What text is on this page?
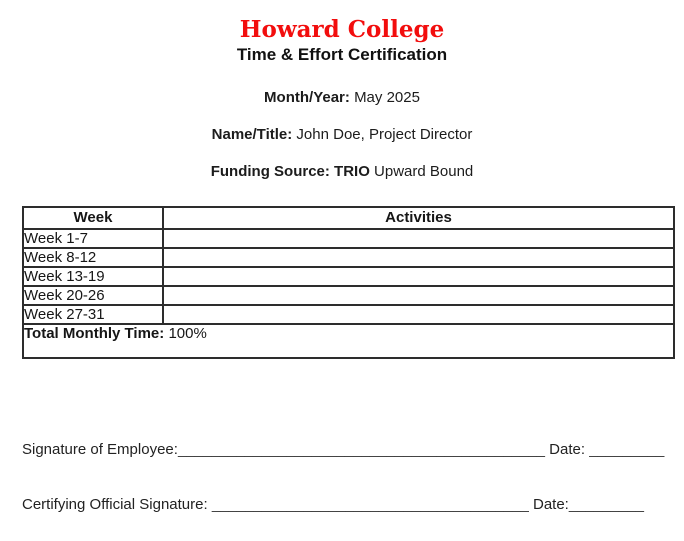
Howard College
Time & Effort Certification

Month/Year: May 2025

Name/Title: John Doe, Project Director

Funding Source: TRIO Upward Bound

Week	Activities
Week 1-7	
Week 8-12	
Week 13-19	
Week 20-26	
Week 27-31	
Total Monthly Time: 100%	

Signature of Employee:____________________________________________ Date: _________

Certifying Official Signature: ______________________________________ Date:_________
